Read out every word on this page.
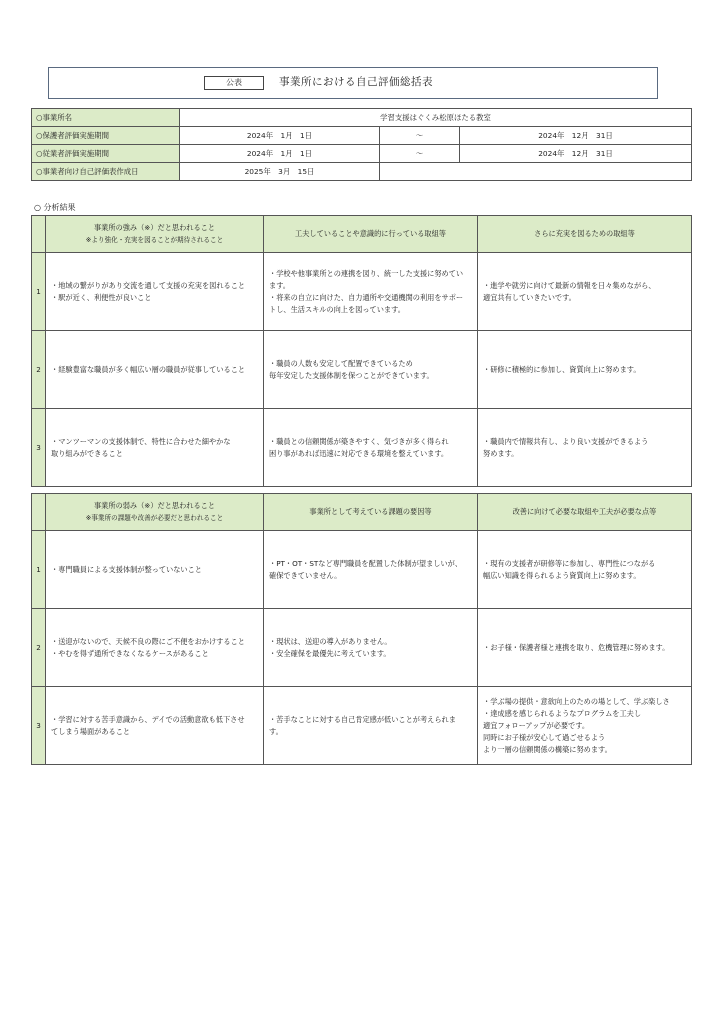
公表	事業所における自己評価総括表
○事業所名	学習支援はぐくみ松原ほたる教室		
○保護者評価実施期間	2024年　1月　1日	～	2024年　12月　31日
○従業者評価実施期間	2024年　1月　1日	～	2024年　12月　31日
○事業者向け自己評価表作成日	2025年　3月　15日		
○ 分析結果

	事業所の強み（※）だと思われること
※より強化・充実を図ることが期待されること	工夫していることや意識的に行っている取組等	さらに充実を図るための取組等
1	・地域の繋がりがあり交流を通して支援の充実を図れること
・駅が近く、利便性が良いこと	・学校や他事業所との連携を図り、統一した支援に努めてい
ます。
・将来の自立に向けた、自力通所や交通機関の利用をサポー
トし、生活スキルの向上を図っています。	・進学や就労に向けて最新の情報を日々集めながら、
適宜共有していきたいです。

2	・経験豊富な職員が多く幅広い層の職員が従事していること	・職員の人数も安定して配置できているため
毎年安定した支援体制を保つことができています。	・研修に積極的に参加し、資質向上に努めます。

3	・マンツーマンの支援体制で、特性に合わせた細やかな
取り組みができること	・職員との信頼関係が築きやすく、気づきが多く得られ
困り事があれば迅速に対応できる環境を整えています。	・職員内で情報共有し、より良い支援ができるよう
努めます。

	事業所の弱み（※）だと思われること
※事業所の課題や改善が必要だと思われること	事業所として考えている課題の要因等	改善に向けて必要な取組や工夫が必要な点等
1	・専門職員による支援体制が整っていないこと	・PT・OT・STなど専門職員を配置した体制が望ましいが、
確保できていません。	・現有の支援者が研修等に参加し、専門性につながる
幅広い知識を得られるよう資質向上に努めます。

2	・送迎がないので、天候不良の際にご不便をおかけすること
・やむを得ず通所できなくなるケースがあること	・現状は、送迎の導入がありません。
・安全確保を最優先に考えています。	・お子様・保護者様と連携を取り、危機管理に努めます。

3	・学習に対する苦手意識から、デイでの活動意欲も低下させ
てしまう場面があること	・苦手なことに対する自己肯定感が低いことが考えられま
す。	・学ぶ場の提供・意欲向上のための場として、学ぶ楽しさ
・達成感を感じられるようなプログラムを工夫し
適宜フォローアップが必要です。
同時にお子様が安心して過ごせるよう
より一層の信頼関係の構築に努めます。
